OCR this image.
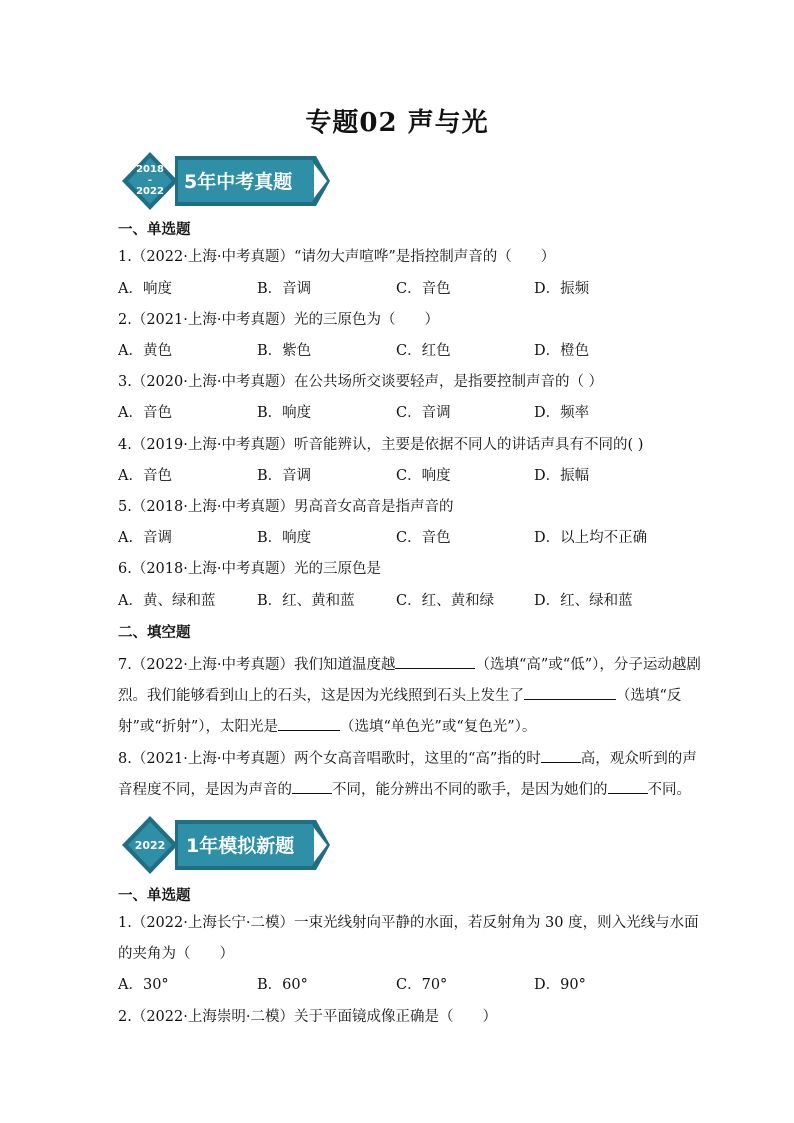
专题02 声与光
2018
-
2022 5年中考真题
一、单选题
1.（2022·上海·中考真题）“请勿大声喧哗”是指控制声音的（　　）
A．响度	B．音调	C．音色	D．振频
2.（2021·上海·中考真题）光的三原色为（　　）
A．黄色	B．紫色	C．红色	D．橙色
3.（2020·上海·中考真题）在公共场所交谈要轻声，是指要控制声音的（ ）
A．音色	B．响度	C．音调	D．频率
4.（2019·上海·中考真题）听音能辨认，主要是依据不同人的讲话声具有不同的( )
A．音色	B．音调	C．响度	D．振幅
5.（2018·上海·中考真题）男高音女高音是指声音的
A．音调	B．响度	C．音色	D．以上均不正确
6.（2018·上海·中考真题）光的三原色是
A．黄、绿和蓝	B．红、黄和蓝	C．红、黄和绿	D．红、绿和蓝
二、填空题
7.（2022·上海·中考真题）我们知道温度越	（选填“高”或“低”），分子运动越剧
烈。我们能够看到山上的石头，这是因为光线照到石头上发生了	（选填“反
射”或“折射”），太阳光是	（选填“单色光”或“复色光”）。
8.（2021·上海·中考真题）两个女高音唱歌时，这里的“高”指的时	高，观众听到的声
音程度不同，是因为声音的	不同，能分辨出不同的歌手，是因为她们的	不同。
2022 1年模拟新题
一、单选题
1.（2022·上海长宁·二模）一束光线射向平静的水面，若反射角为 30 度，则入光线与水面
的夹角为（　　）
A．30°	B．60°	C．70°	D．90°
2.（2022·上海崇明·二模）关于平面镜成像正确是（　　）
